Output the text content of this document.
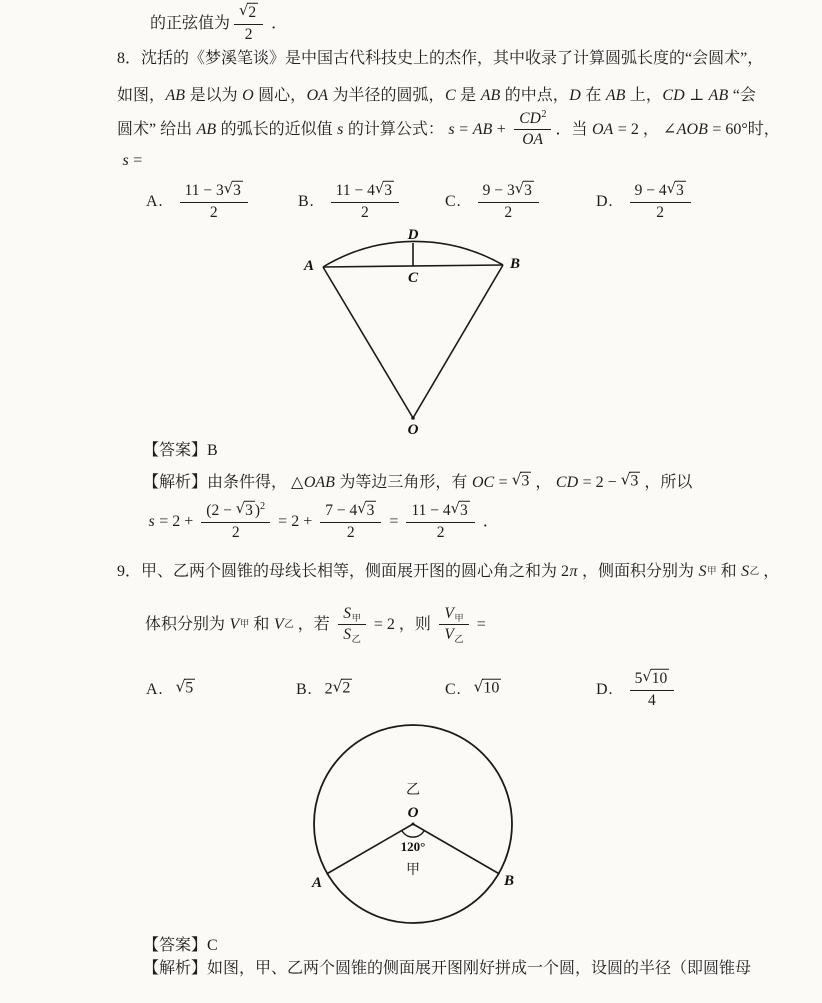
的正弦值为 $\frac{√ 2}{2}$ ．
8．沈括的《梦溪笔谈》是中国古代科技史上的杰作，其中收录了计算圆弧长度的“会圆术”，
如图， AB 是以为 O 圆心， OA 为半径的圆弧， C 是 AB 的中点， D 在 AB 上， CD ⊥ AB “会
圆术” 给出 AB 的弧长的近似值 s 的计算公式： s = AB + $\frac{CD^2}{OA}$ ．当 OA = 2 ， ∠ AOB = 60°时，
s =
A. $\frac{11 - 3 √ 3}{2}$	B. $\frac{11 - 4 √ 3}{2}$	C. $\frac{9 - 3 √ 3}{2}$	D. $\frac{9 - 4 √ 3}{2}$
D
A	B
C
O
【答案】B
【解析】由条件得， △ OAB 为等边三角形，有 OC = √ 3 ， CD = 2 − √ 3 ，所以
$s = 2 + \frac{(2 - √ 3 )^2}{2} = 2 + \frac{7 - 4 √ 3}{2} = \frac{11 - 4 √ 3}{2}$ ．
9．甲、乙两个圆锥的母线长相等，侧面展开图的圆心角之和为 2 π ，侧面积分别为 S 甲 和 S 乙 ，
体积分别为 V 甲 和 V 乙 ，若 $\frac{\text{S甲}}{\text{S乙}} = 2$ ，则 $\frac{\text{V甲}}{\text{V乙}}$ =
A. √ 5	B. 2 √ 2	C. √ 10	D. $\frac{5 √ 10}{4}$
乙
O
120°
甲
A	B
【答案】C
【解析】如图，甲、乙两个圆锥的侧面展开图刚好拼成一个圆，设圆的半径（即圆锥母
